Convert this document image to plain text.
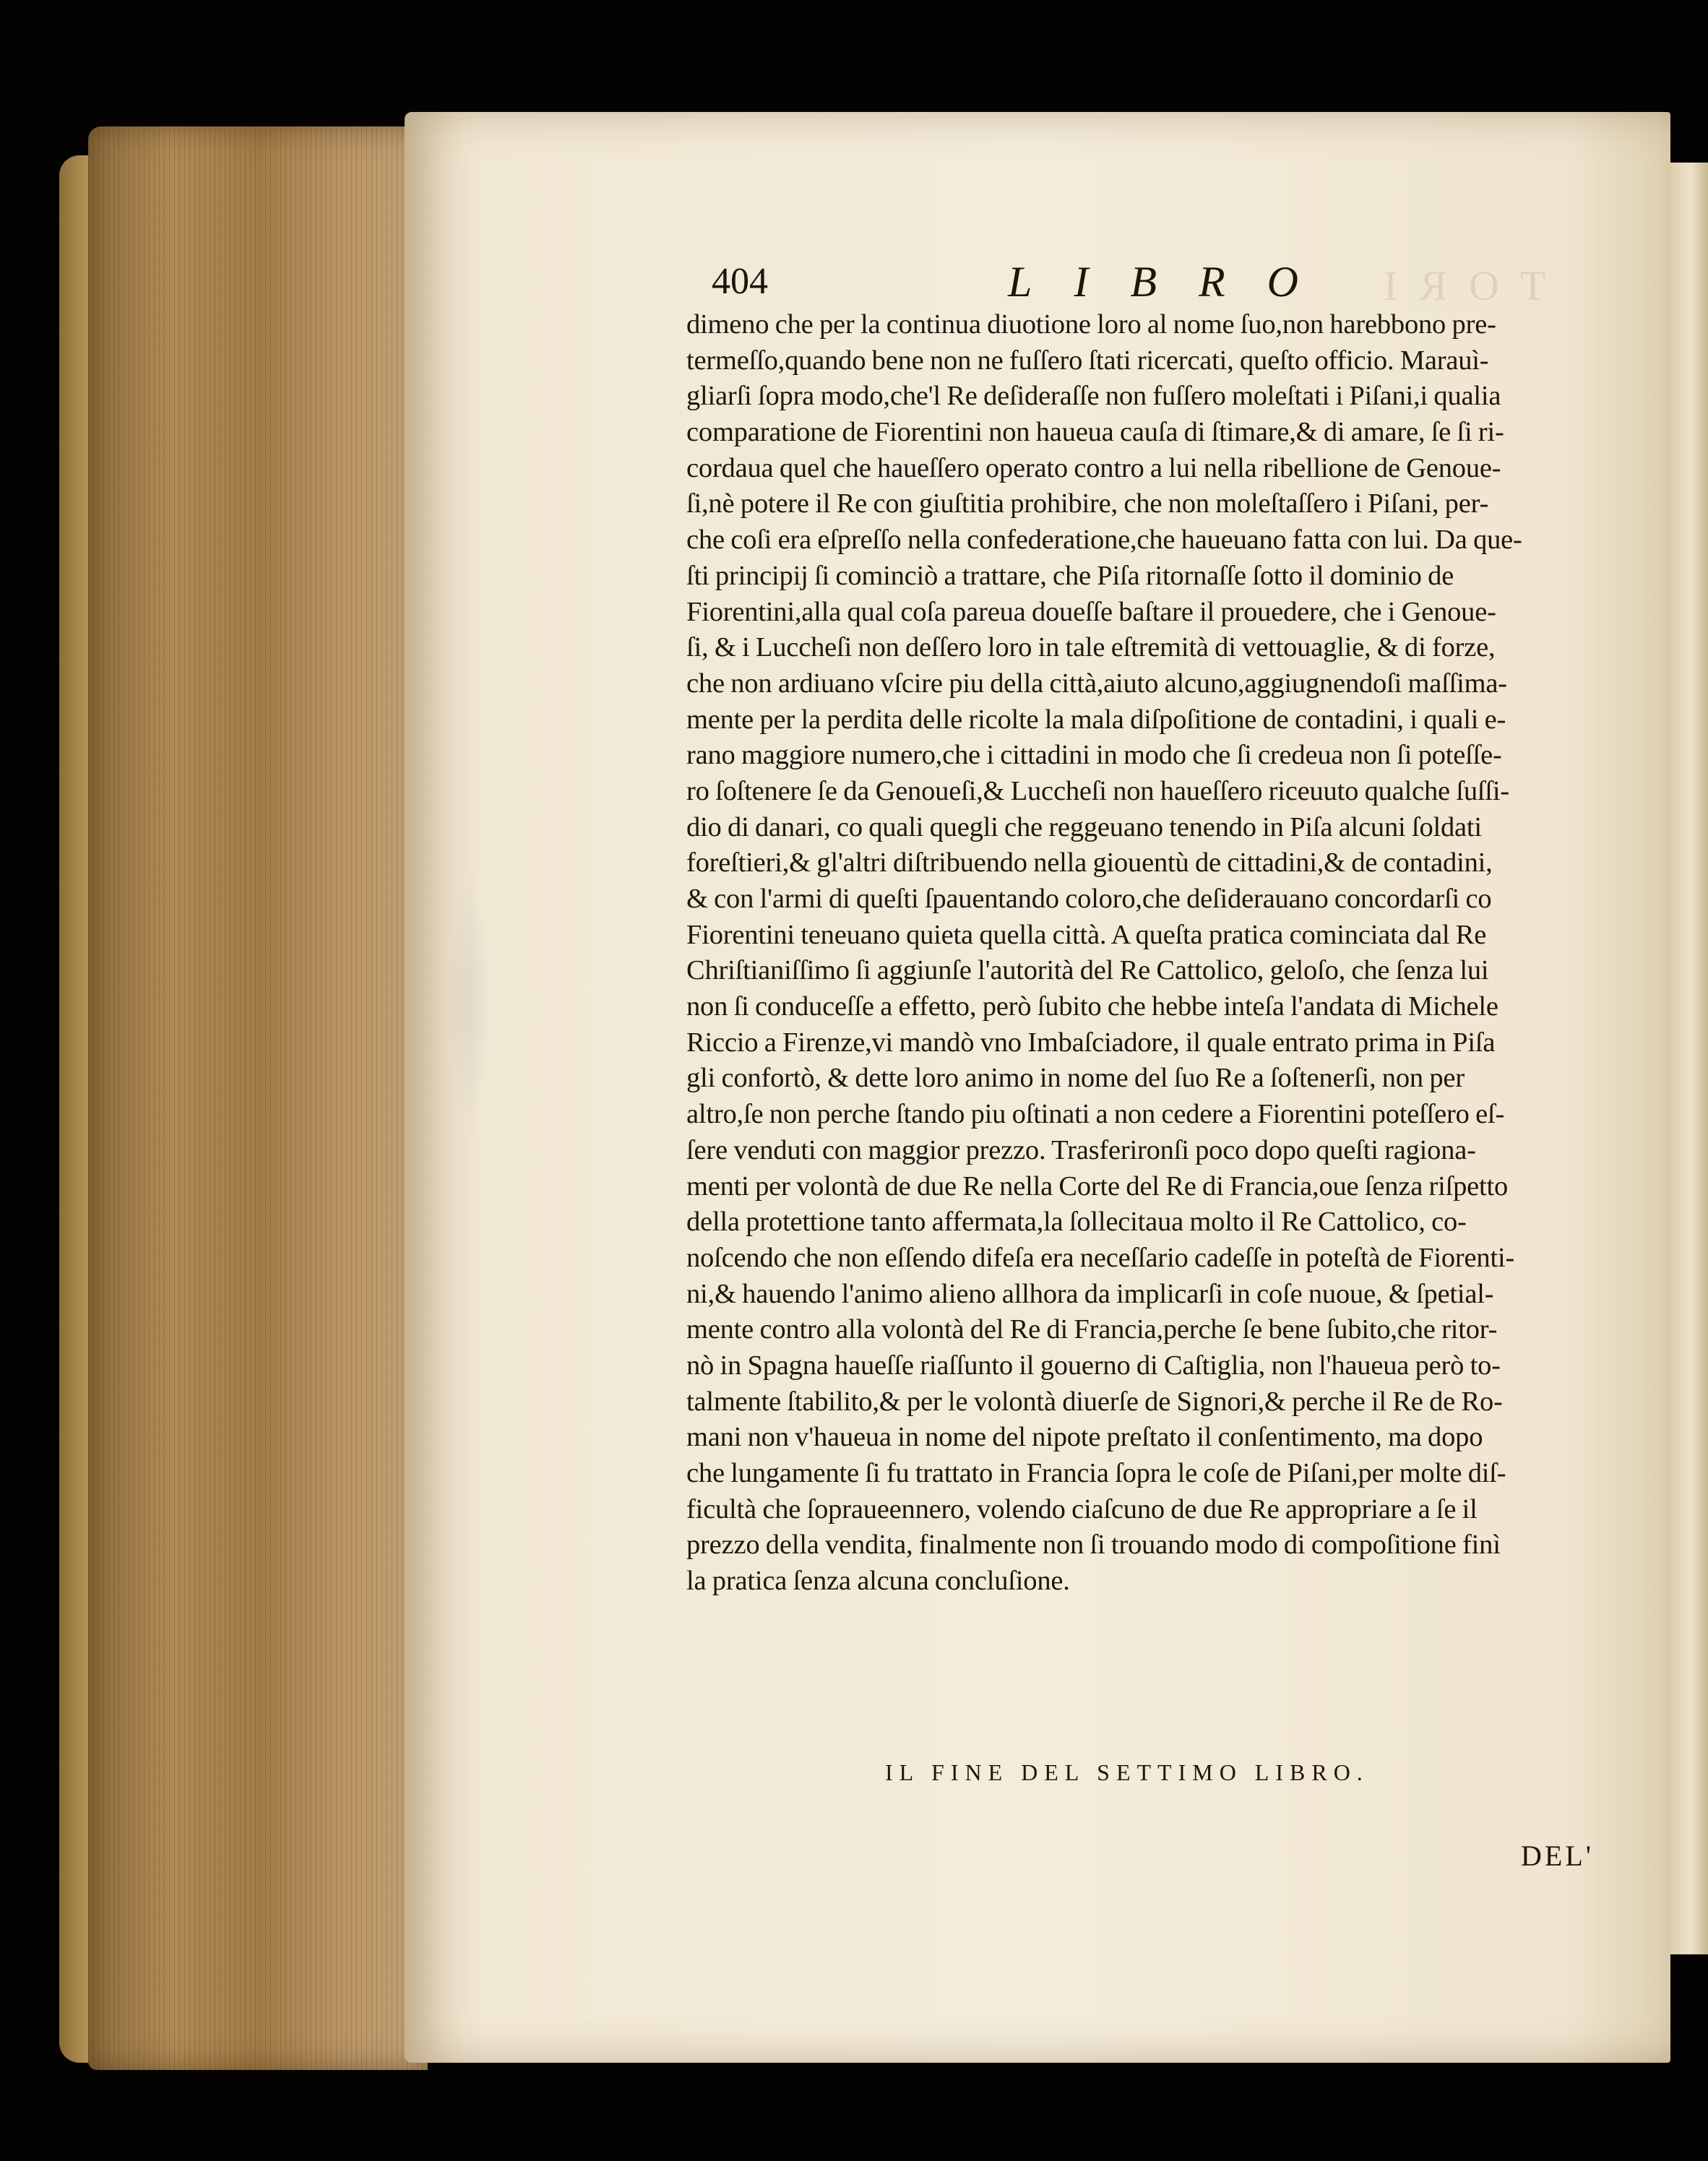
404	LIBRO TORI
dimeno che per la continua diuotione loro al nome ſuo,non harebbono pre-
termeſſo,quando bene non ne fuſſero ſtati ricercati, queſto officio. Marauì-
gliarſi ſopra modo,che'l Re deſideraſſe non fuſſero moleſtati i Piſani,i qualia
comparatione de Fiorentini non haueua cauſa di ſtimare,& di amare, ſe ſi ri-
cordaua quel che haueſſero operato contro a lui nella ribellione de Genoue-
ſi,nè potere il Re con giuſtitia prohibire, che non moleſtaſſero i Piſani, per-
che coſi era eſpreſſo nella confederatione,che haueuano fatta con lui. Da que-
ſti principij ſi cominciò a trattare, che Piſa ritornaſſe ſotto il dominio de
Fiorentini,alla qual coſa pareua doueſſe baſtare il prouedere, che i Genoue-
ſi, & i Luccheſi non deſſero loro in tale eſtremità di vettouaglie, & di forze,
che non ardiuano vſcire piu della città,aiuto alcuno,aggiugnendoſi maſſima-
mente per la perdita delle ricolte la mala diſpoſitione de contadini, i quali e-
rano maggiore numero,che i cittadini in modo che ſi credeua non ſi poteſſe-
ro ſoſtenere ſe da Genoueſi,& Luccheſi non haueſſero riceuuto qualche ſuſſi-
dio di danari, co quali quegli che reggeuano tenendo in Piſa alcuni ſoldati
foreſtieri,& gl'altri diſtribuendo nella giouentù de cittadini,& de contadini,
& con l'armi di queſti ſpauentando coloro,che deſiderauano concordarſi co
Fiorentini teneuano quieta quella città. A queſta pratica cominciata dal Re
Chriſtianiſſimo ſi aggiunſe l'autorità del Re Cattolico, geloſo, che ſenza lui
non ſi conduceſſe a effetto, però ſubito che hebbe inteſa l'andata di Michele
Riccio a Firenze,vi mandò vno Imbaſciadore, il quale entrato prima in Piſa
gli confortò, & dette loro animo in nome del ſuo Re a ſoſtenerſi, non per
altro,ſe non perche ſtando piu oſtinati a non cedere a Fiorentini poteſſero eſ-
ſere venduti con maggior prezzo. Trasferironſi poco dopo queſti ragiona-
menti per volontà de due Re nella Corte del Re di Francia,oue ſenza riſpetto
della protettione tanto affermata,la ſollecitaua molto il Re Cattolico, co-
noſcendo che non eſſendo difeſa era neceſſario cadeſſe in poteſtà de Fiorenti-
ni,& hauendo l'animo alieno allhora da implicarſi in coſe nuoue, & ſpetial-
mente contro alla volontà del Re di Francia,perche ſe bene ſubito,che ritor-
nò in Spagna haueſſe riaſſunto il gouerno di Caſtiglia, non l'haueua però to-
talmente ſtabilito,& per le volontà diuerſe de Signori,& perche il Re de Ro-
mani non v'haueua in nome del nipote preſtato il conſentimento, ma dopo
che lungamente ſi fu trattato in Francia ſopra le coſe de Piſani,per molte diſ-
ficultà che ſopraueennero, volendo ciaſcuno de due Re appropriare a ſe il
prezzo della vendita, finalmente non ſi trouando modo di compoſitione finì
la pratica ſenza alcuna concluſione.
IL FINE DEL SETTIMO LIBRO.
DEL'
